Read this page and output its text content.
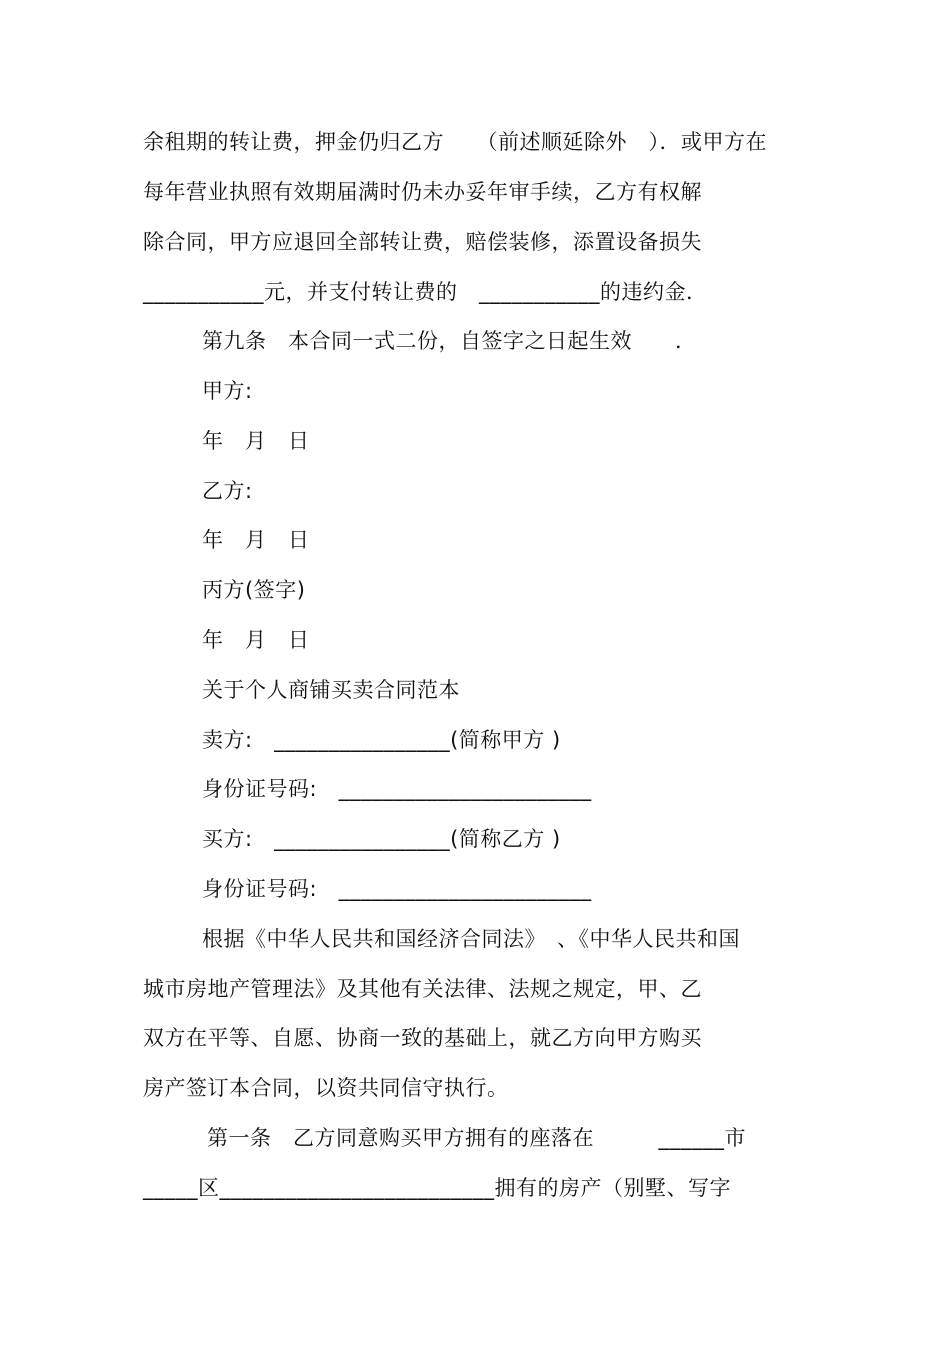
余租期的转让费，押金仍归乙方　　（前述顺延除外　）．或甲方在
每年营业执照有效期届满时仍未办妥年审手续，乙方有权解
除合同，甲方应退回全部转让费，赔偿装修，添置设备损失
___________元，并支付转让费的　___________的违约金．
第九条　本合同一式二份，自签字之日起生效　　．
甲方:
年　月　日
乙方:
年　月　日
丙方(签字)
年　月　日
关于个人商铺买卖合同范本
卖方:　________________(简称甲方 )
身份证号码:　_______________________
买方:　________________(简称乙方 )
身份证号码:　_______________________
根据《中华人民共和国经济合同法》　、《中华人民共和国
城市房地产管理法》及其他有关法律、法规之规定，甲、乙
双方在平等、自愿、协商一致的基础上，就乙方向甲方购买
房产签订本合同，以资共同信守执行。
第一条　乙方同意购买甲方拥有的座落在　　　______市
_____区_________________________拥有的房产（别墅、写字
